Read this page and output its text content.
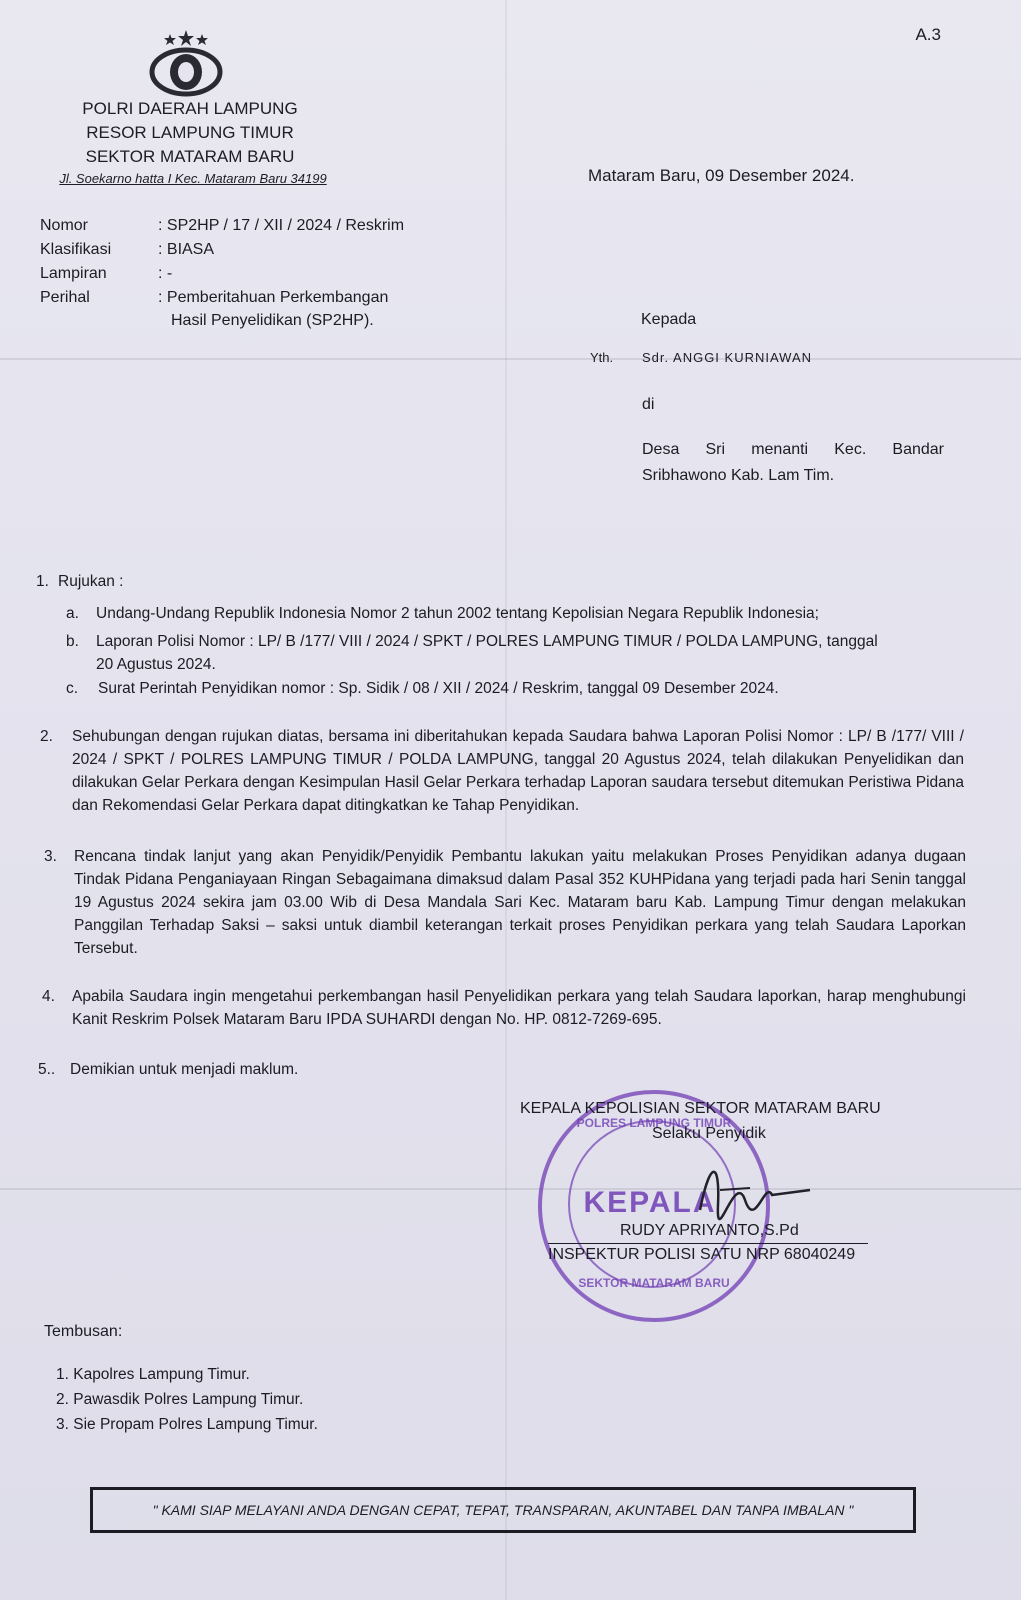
A.3
POLRI DAERAH LAMPUNG
RESOR LAMPUNG TIMUR
SEKTOR MATARAM BARU
Jl. Soekarno hatta I Kec. Mataram Baru 34199	Mataram Baru, 09 Desember 2024.
Nomor	: SP2HP / 17 / XII / 2024 / Reskrim
Klasifikasi	: BIASA
Lampiran	: -
Perihal	: Pemberitahuan Perkembangan
Hasil Penyelidikan (SP2HP).	Kepada
Yth. Sdr. ANGGI KURNIAWAN
di
Desa Sri menanti Kec. Bandar
Sribhawono Kab. Lam Tim.
1. Rujukan :
a. Undang-Undang Republik Indonesia Nomor 2 tahun 2002 tentang Kepolisian Negara Republik Indonesia;
b. Laporan Polisi Nomor : LP/ B /177/ VIII / 2024 / SPKT / POLRES LAMPUNG TIMUR / POLDA LAMPUNG, tanggal
20 Agustus 2024.
c. Surat Perintah Penyidikan nomor : Sp. Sidik / 08 / XII / 2024 / Reskrim, tanggal 09 Desember 2024.
2. Sehubungan dengan rujukan diatas, bersama ini diberitahukan kepada Saudara bahwa Laporan Polisi Nomor : LP/ B /177/ VIII / 2024 / SPKT / POLRES LAMPUNG TIMUR / POLDA LAMPUNG, tanggal 20 Agustus 2024, telah dilakukan Penyelidikan dan dilakukan Gelar Perkara dengan Kesimpulan Hasil Gelar Perkara terhadap Laporan saudara tersebut ditemukan Peristiwa Pidana dan Rekomendasi Gelar Perkara dapat ditingkatkan ke Tahap Penyidikan.
3. Rencana tindak lanjut yang akan Penyidik/Penyidik Pembantu lakukan yaitu melakukan Proses Penyidikan adanya dugaan Tindak Pidana Penganiayaan Ringan Sebagaimana dimaksud dalam Pasal 352 KUHPidana yang terjadi pada hari Senin tanggal 19 Agustus 2024 sekira jam 03.00 Wib di Desa Mandala Sari Kec. Mataram baru Kab. Lampung Timur dengan melakukan Panggilan Terhadap Saksi – saksi untuk diambil keterangan terkait proses Penyidikan perkara yang telah Saudara Laporkan Tersebut.
4. Apabila Saudara ingin mengetahui perkembangan hasil Penyelidikan perkara yang telah Saudara laporkan, harap menghubungi Kanit Reskrim Polsek Mataram Baru IPDA SUHARDI dengan No. HP. 0812-7269-695.
5.. Demikian untuk menjadi maklum.
KEPALA
POLRES LAMPUNG TIMUR
SEKTOR MATARAM BARU
KEPALA KEPOLISIAN SEKTOR MATARAM BARU
Selaku Penyidik
RUDY APRIYANTO,S.Pd
INSPEKTUR POLISI SATU NRP 68040249
Tembusan:
1. Kapolres Lampung Timur.
2. Pawasdik Polres Lampung Timur.
3. Sie Propam Polres Lampung Timur.
" KAMI SIAP MELAYANI ANDA DENGAN CEPAT, TEPAT, TRANSPARAN, AKUNTABEL DAN TANPA IMBALAN "
